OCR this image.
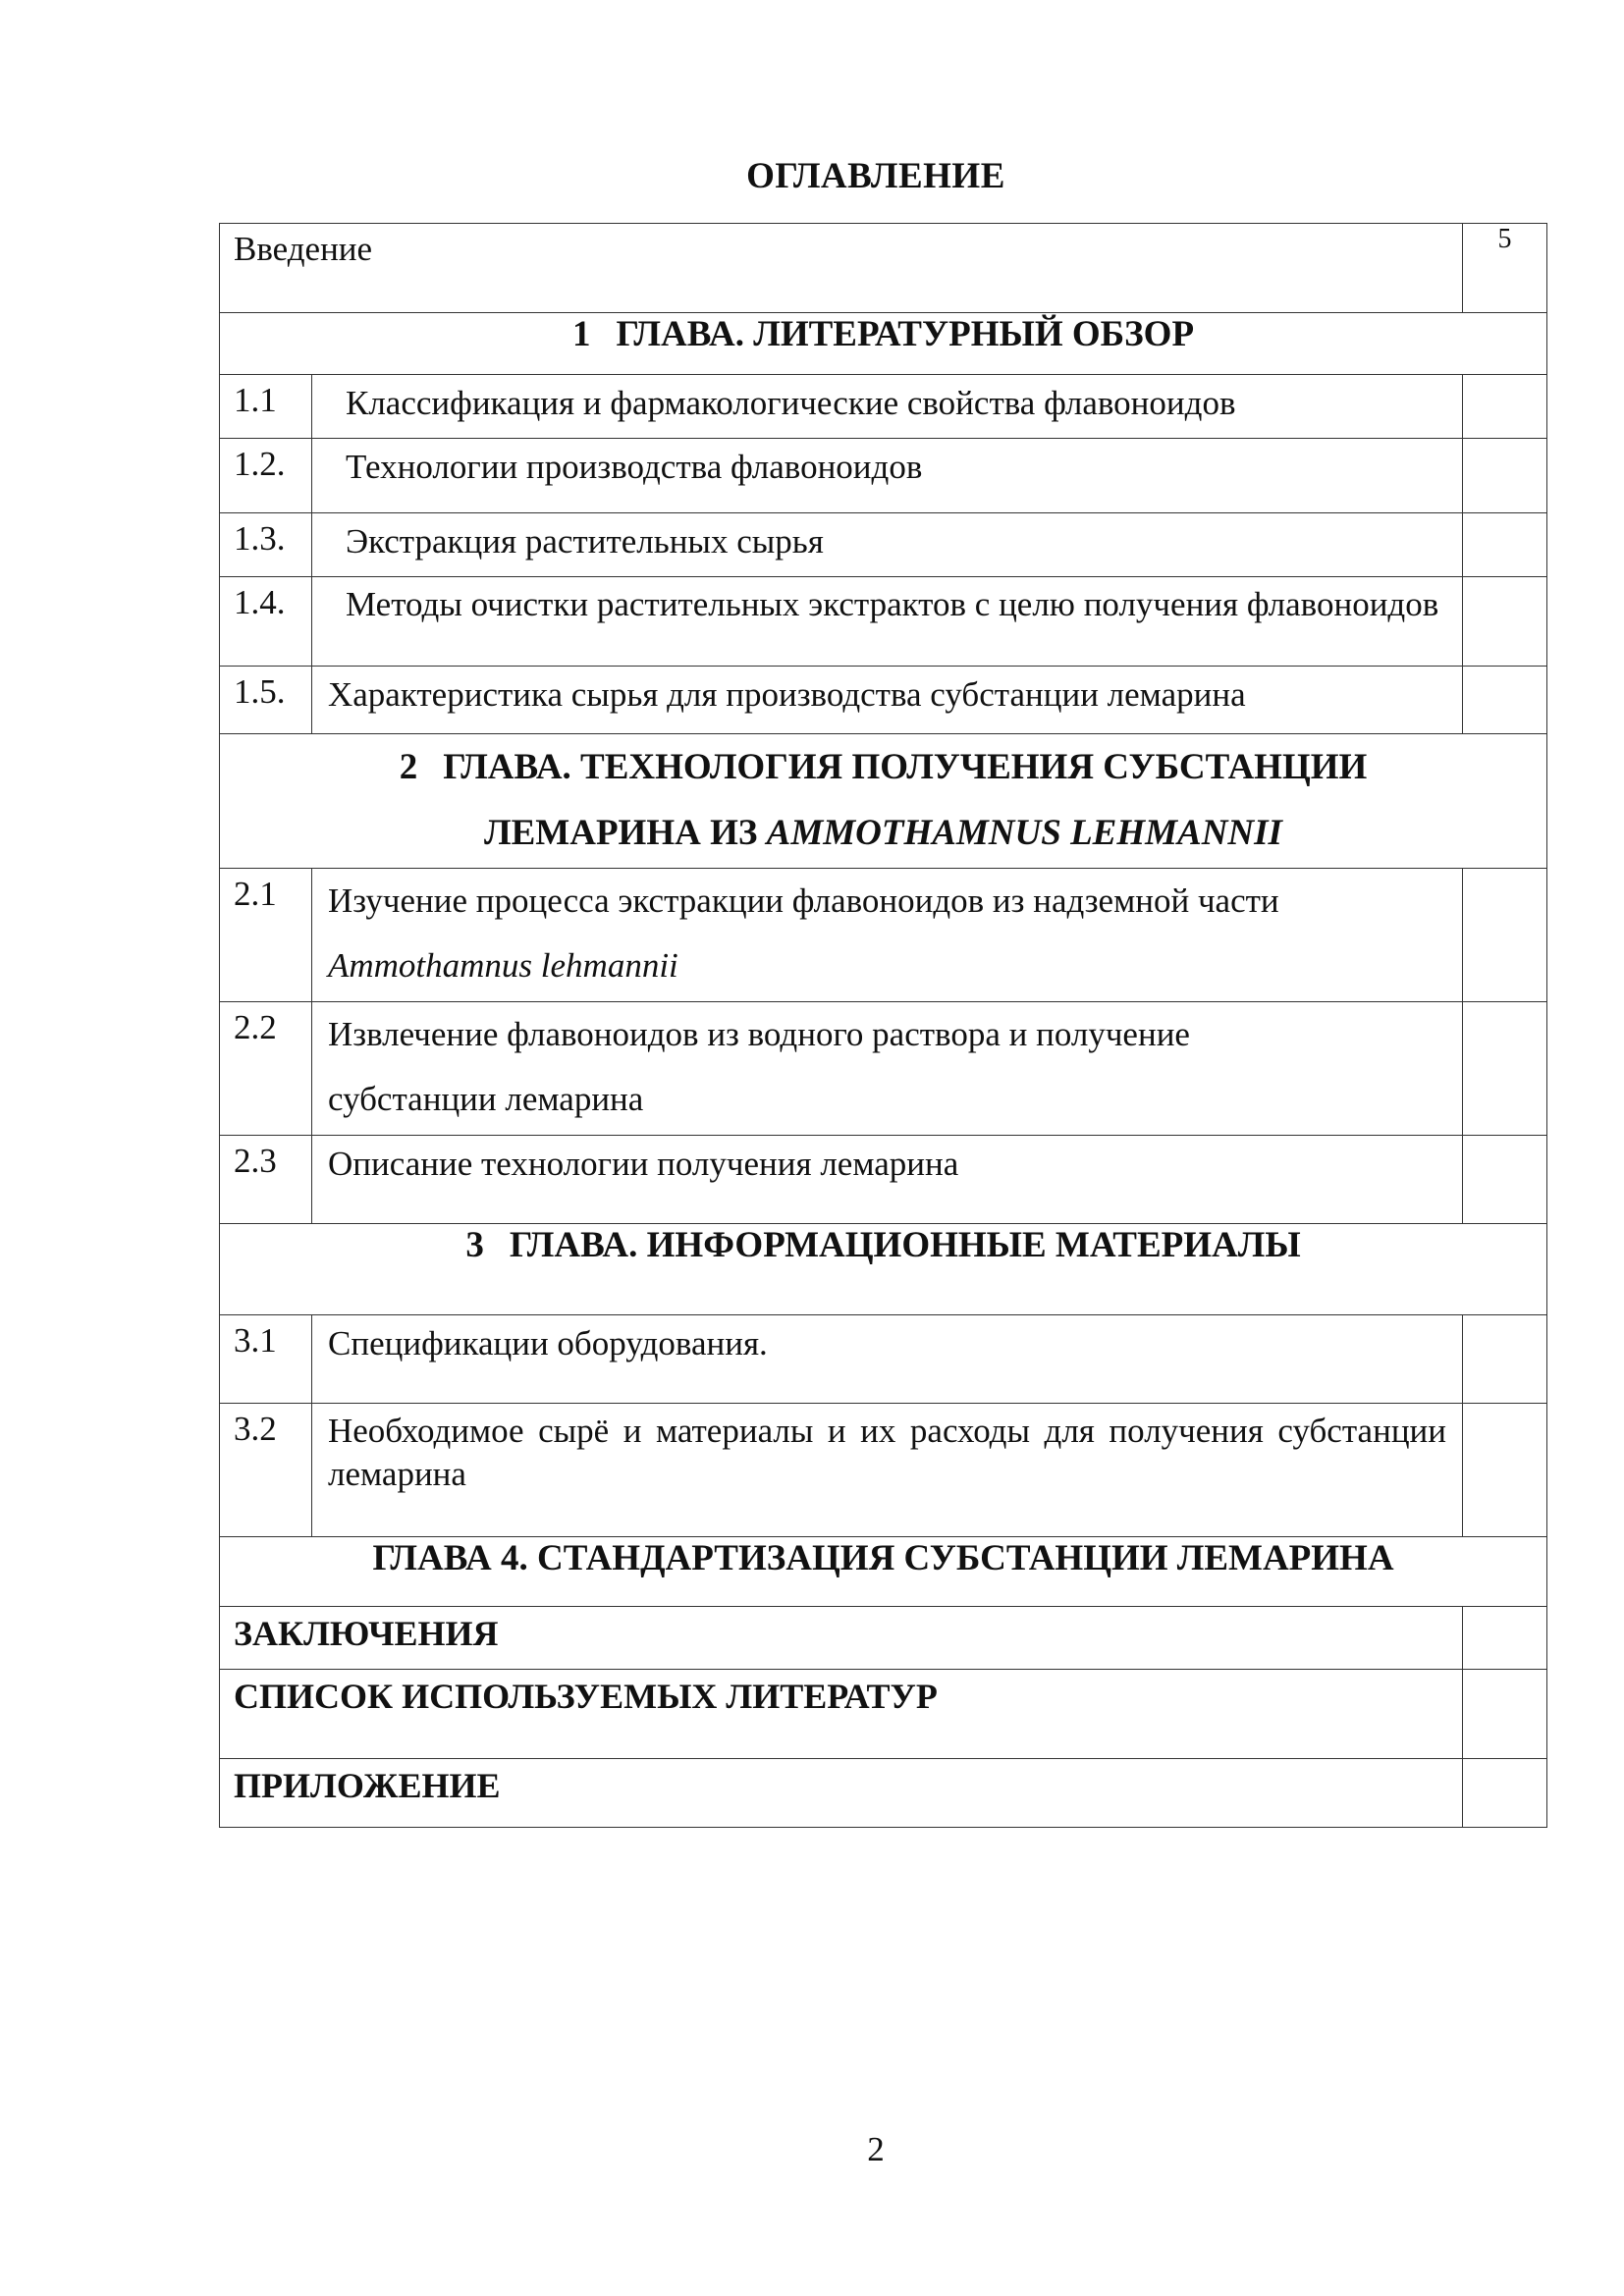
ОГЛАВЛЕНИЕ
Введение		5
1 ГЛАВА. ЛИТЕРАТУРНЫЙ ОБЗОР		

1.1	Классификация и фармакологические свойства флавоноидов	

1.2.	Технологии производства флавоноидов	

1.3.	Экстракция растительных сырья	

1.4.	Методы очистки растительных экстрактов с целю получения флавоноидов	

1.5.	Характеристика сырья для производства субстанции лемарина	

2 ГЛАВА. ТЕХНОЛОГИЯ ПОЛУЧЕНИЯ СУБСТАНЦИИ
ЛЕМАРИНА ИЗ AMMOTHAMNUS LEHMANNII		

2.1	Изучение процесса экстракции флавоноидов из надземной части
Ammothamnus lehmannii	

2.2	Извлечение флавоноидов из водного раствора и получение
субстанции лемарина	

2.3	Описание технологии получения лемарина	

3 ГЛАВА. ИНФОРМАЦИОННЫЕ МАТЕРИАЛЫ		

3.1	Спецификации оборудования.	

3.2	Необходимое сырё и материалы и их расходы для получения субстанции лемарина	

ГЛАВА 4. СТАНДАРТИЗАЦИЯ СУБСТАНЦИИ ЛЕМАРИНА		

ЗАКЛЮЧЕНИЯ		

СПИСОК ИСПОЛЬЗУЕМЫХ ЛИТЕРАТУР		

ПРИЛОЖЕНИЕ		

2
